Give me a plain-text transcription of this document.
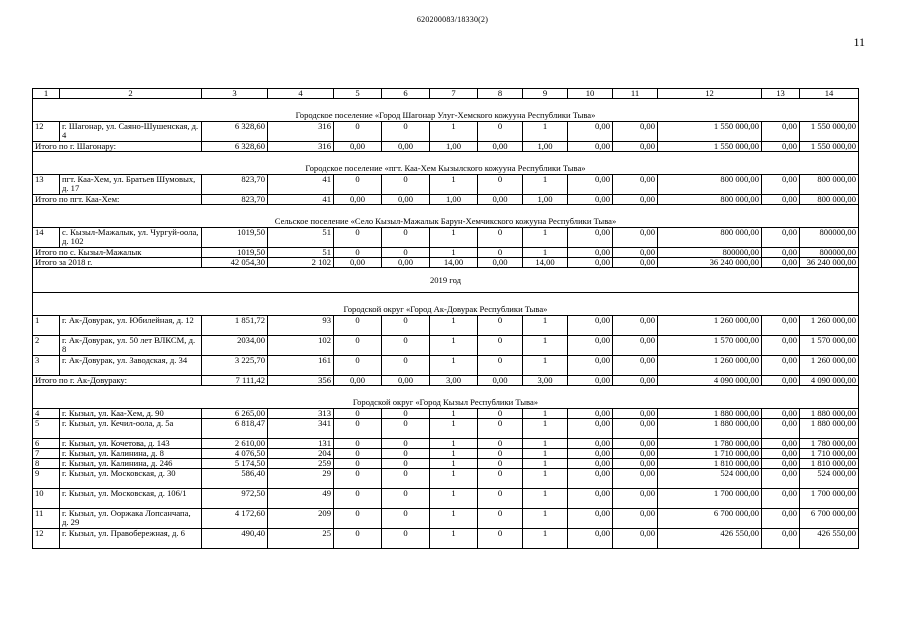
620200083/18330(2)
11
1	2	3	4	5	6	7	8	9	10	11	12	13	14
Городское поселение «Город Шагонар Улуг-Хемского кожууна Республики Тыва»													
12	г. Шагонар, ул. Саяно-Шушенская, д. 4	6 328,60	316	0	0	1	0	1	0,00	0,00	1 550 000,00	0,00	1 550 000,00
Итого по г. Шагонару:		6 328,60	316	0,00	0,00	1,00	0,00	1,00	0,00	0,00	1 550 000,00	0,00	1 550 000,00
Городское поселение «пгт. Каа-Хем Кызылского кожууна Республики Тыва»													
13	пгт. Каа-Хем, ул. Братьев Шумовых, д. 17	823,70	41	0	0	1	0	1	0,00	0,00	800 000,00	0,00	800 000,00
Итого по пгт. Каа-Хем:		823,70	41	0,00	0,00	1,00	0,00	1,00	0,00	0,00	800 000,00	0,00	800 000,00
Сельское поселение «Село Кызыл-Мажалык Барун-Хемчикского кожууна Республики Тыва»													
14	с. Кызыл-Мажалык, ул. Чургуй-оола, д. 102	1019,50	51	0	0	1	0	1	0,00	0,00	800 000,00	0,00	800000,00
Итого по с. Кызыл-Мажалык		1019,50	51	0	0	1	0	1	0,00	0,00	800000,00	0,00	800000,00
Итого за 2018 г.		42 054,30	2 102	0,00	0,00	14,00	0,00	14,00	0,00	0,00	36 240 000,00	0,00	36 240 000,00
2019 год													
Городской округ «Город Ак-Довурак Республики Тыва»													
1	г. Ак-Довурак, ул. Юбилейная, д. 12	1 851,72	93	0	0	1	0	1	0,00	0,00	1 260 000,00	0,00	1 260 000,00
2	г. Ак-Довурак, ул. 50 лет ВЛКСМ, д. 8	2034,00	102	0	0	1	0	1	0,00	0,00	1 570 000,00	0,00	1 570 000,00
3	г. Ак-Довурак, ул. Заводская, д. 34	3 225,70	161	0	0	1	0	1	0,00	0,00	1 260 000,00	0,00	1 260 000,00
Итого по г. Ак-Довураку:		7 111,42	356	0,00	0,00	3,00	0,00	3,00	0,00	0,00	4 090 000,00	0,00	4 090 000,00
Городской округ «Город Кызыл Республики Тыва»													
4	г. Кызыл, ул. Каа-Хем, д. 90	6 265,00	313	0	0	1	0	1	0,00	0,00	1 880 000,00	0,00	1 880 000,00
5	г. Кызыл, ул. Кечил-оола, д. 5а	6 818,47	341	0	0	1	0	1	0,00	0,00	1 880 000,00	0,00	1 880 000,00
6	г. Кызыл, ул. Кочетова, д. 143	2 610,00	131	0	0	1	0	1	0,00	0,00	1 780 000,00	0,00	1 780 000,00
7	г. Кызыл, ул. Калинина, д. 8	4 076,50	204	0	0	1	0	1	0,00	0,00	1 710 000,00	0,00	1 710 000,00
8	г. Кызыл, ул. Калинина, д. 246	5 174,50	259	0	0	1	0	1	0,00	0,00	1 810 000,00	0,00	1 810 000,00
9	г. Кызыл, ул. Московская, д. 30	586,40	29	0	0	1	0	1	0,00	0,00	524 000,00	0,00	524 000,00
10	г. Кызыл, ул. Московская, д. 106/1	972,50	49	0	0	1	0	1	0,00	0,00	1 700 000,00	0,00	1 700 000,00
11	г. Кызыл, ул. Ооржака Лопсанчапа, д. 29	4 172,60	209	0	0	1	0	1	0,00	0,00	6 700 000,00	0,00	6 700 000,00
12	г. Кызыл, ул. Правобережная, д. 6	490,40	25	0	0	1	0	1	0,00	0,00	426 550,00	0,00	426 550,00
